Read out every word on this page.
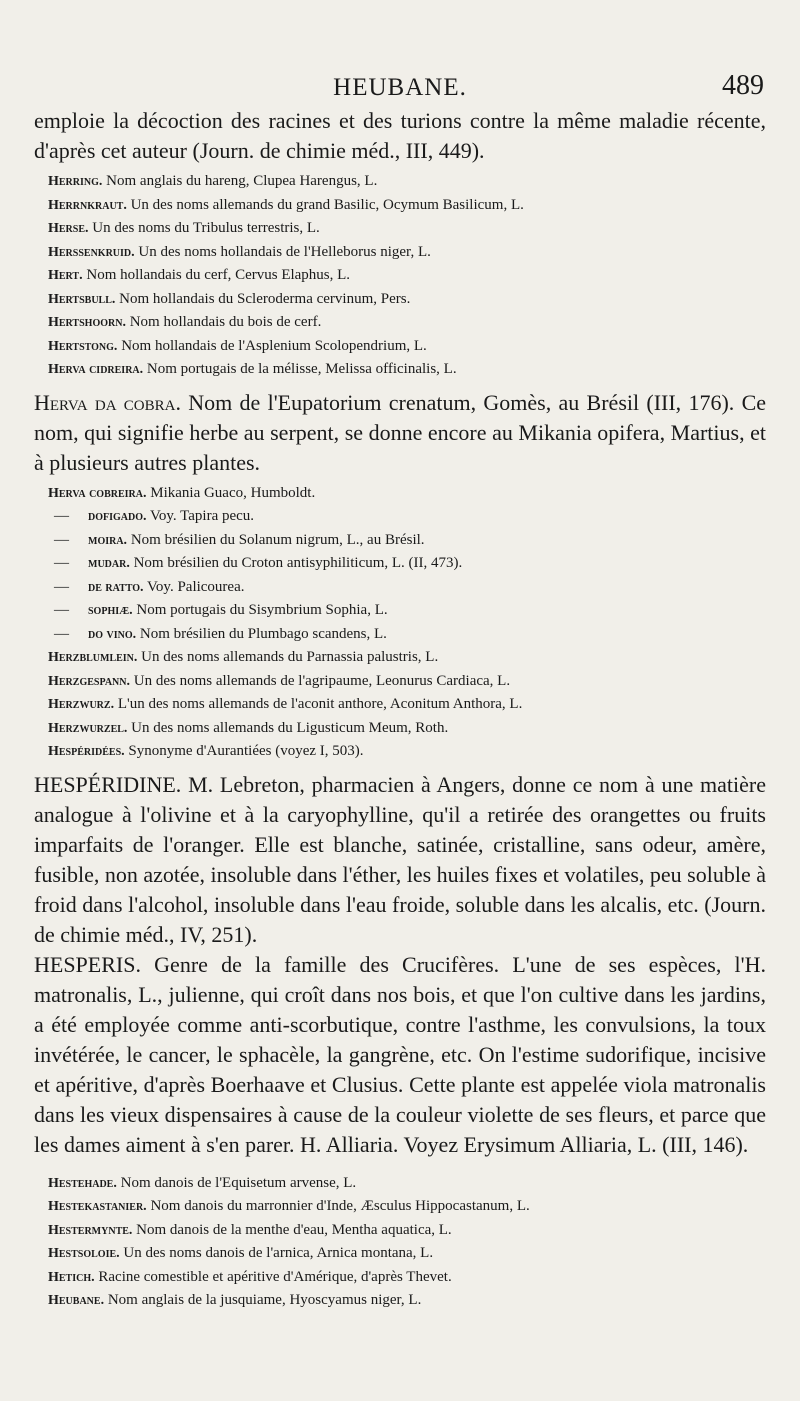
HEUBANE.	489

emploie la décoction des racines et des turions contre la même maladie récente, d'après cet auteur (Journ. de chimie méd., III, 449).

Herring. Nom anglais du hareng, Clupea Harengus, L.

Herrnkraut. Un des noms allemands du grand Basilic, Ocymum Basilicum, L.

Herse. Un des noms du Tribulus terrestris, L.

Herssenkruid. Un des noms hollandais de l'Helleborus niger, L.

Hert. Nom hollandais du cerf, Cervus Elaphus, L.

Hertsbull. Nom hollandais du Scleroderma cervinum, Pers.

Hertshoorn. Nom hollandais du bois de cerf.

Hertstong. Nom hollandais de l'Asplenium Scolopendrium, L.

Herva cidreira. Nom portugais de la mélisse, Melissa officinalis, L.

Herva da cobra. Nom de l'Eupatorium crenatum, Gomès, au Brésil (III, 176). Ce nom, qui signifie herbe au serpent, se donne encore au Mikania opifera, Martius, et à plusieurs autres plantes.

Herva cobreira. Mikania Guaco, Humboldt.

— dofigado. Voy. Tapira pecu.

— moira. Nom brésilien du Solanum nigrum, L., au Brésil.

— mudar. Nom brésilien du Croton antisyphiliticum, L. (II, 473).

— de ratto. Voy. Palicourea.

— sophiæ. Nom portugais du Sisymbrium Sophia, L.

— do vino. Nom brésilien du Plumbago scandens, L.

Herzblumlein. Un des noms allemands du Parnassia palustris, L.

Herzgespann. Un des noms allemands de l'agripaume, Leonurus Cardiaca, L.

Herzwurz. L'un des noms allemands de l'aconit anthore, Aconitum Anthora, L.

Herzwurzel. Un des noms allemands du Ligusticum Meum, Roth.

Hespéridées. Synonyme d'Aurantiées (voyez I, 503).

HESPÉRIDINE. M. Lebreton, pharmacien à Angers, donne ce nom à une matière analogue à l'olivine et à la caryophylline, qu'il a retirée des orangettes ou fruits imparfaits de l'oranger. Elle est blanche, satinée, cristalline, sans odeur, amère, fusible, non azotée, insoluble dans l'éther, les huiles fixes et volatiles, peu soluble à froid dans l'alcohol, insoluble dans l'eau froide, soluble dans les alcalis, etc. (Journ. de chimie méd., IV, 251).

HESPERIS. Genre de la famille des Crucifères. L'une de ses espèces, l'H. matronalis, L., julienne, qui croît dans nos bois, et que l'on cultive dans les jardins, a été employée comme anti-scorbutique, contre l'asthme, les convulsions, la toux invétérée, le cancer, le sphacèle, la gangrène, etc. On l'estime sudorifique, incisive et apéritive, d'après Boerhaave et Clusius. Cette plante est appelée viola matronalis dans les vieux dispensaires à cause de la couleur violette de ses fleurs, et parce que les dames aiment à s'en parer. H. Alliaria. Voyez Erysimum Alliaria, L. (III, 146).

Hestehade. Nom danois de l'Equisetum arvense, L.

Hestekastanier. Nom danois du marronnier d'Inde, Æsculus Hippocastanum, L.

Hestermynte. Nom danois de la menthe d'eau, Mentha aquatica, L.

Hestsoloie. Un des noms danois de l'arnica, Arnica montana, L.

Hetich. Racine comestible et apéritive d'Amérique, d'après Thevet.

Heubane. Nom anglais de la jusquiame, Hyoscyamus niger, L.
